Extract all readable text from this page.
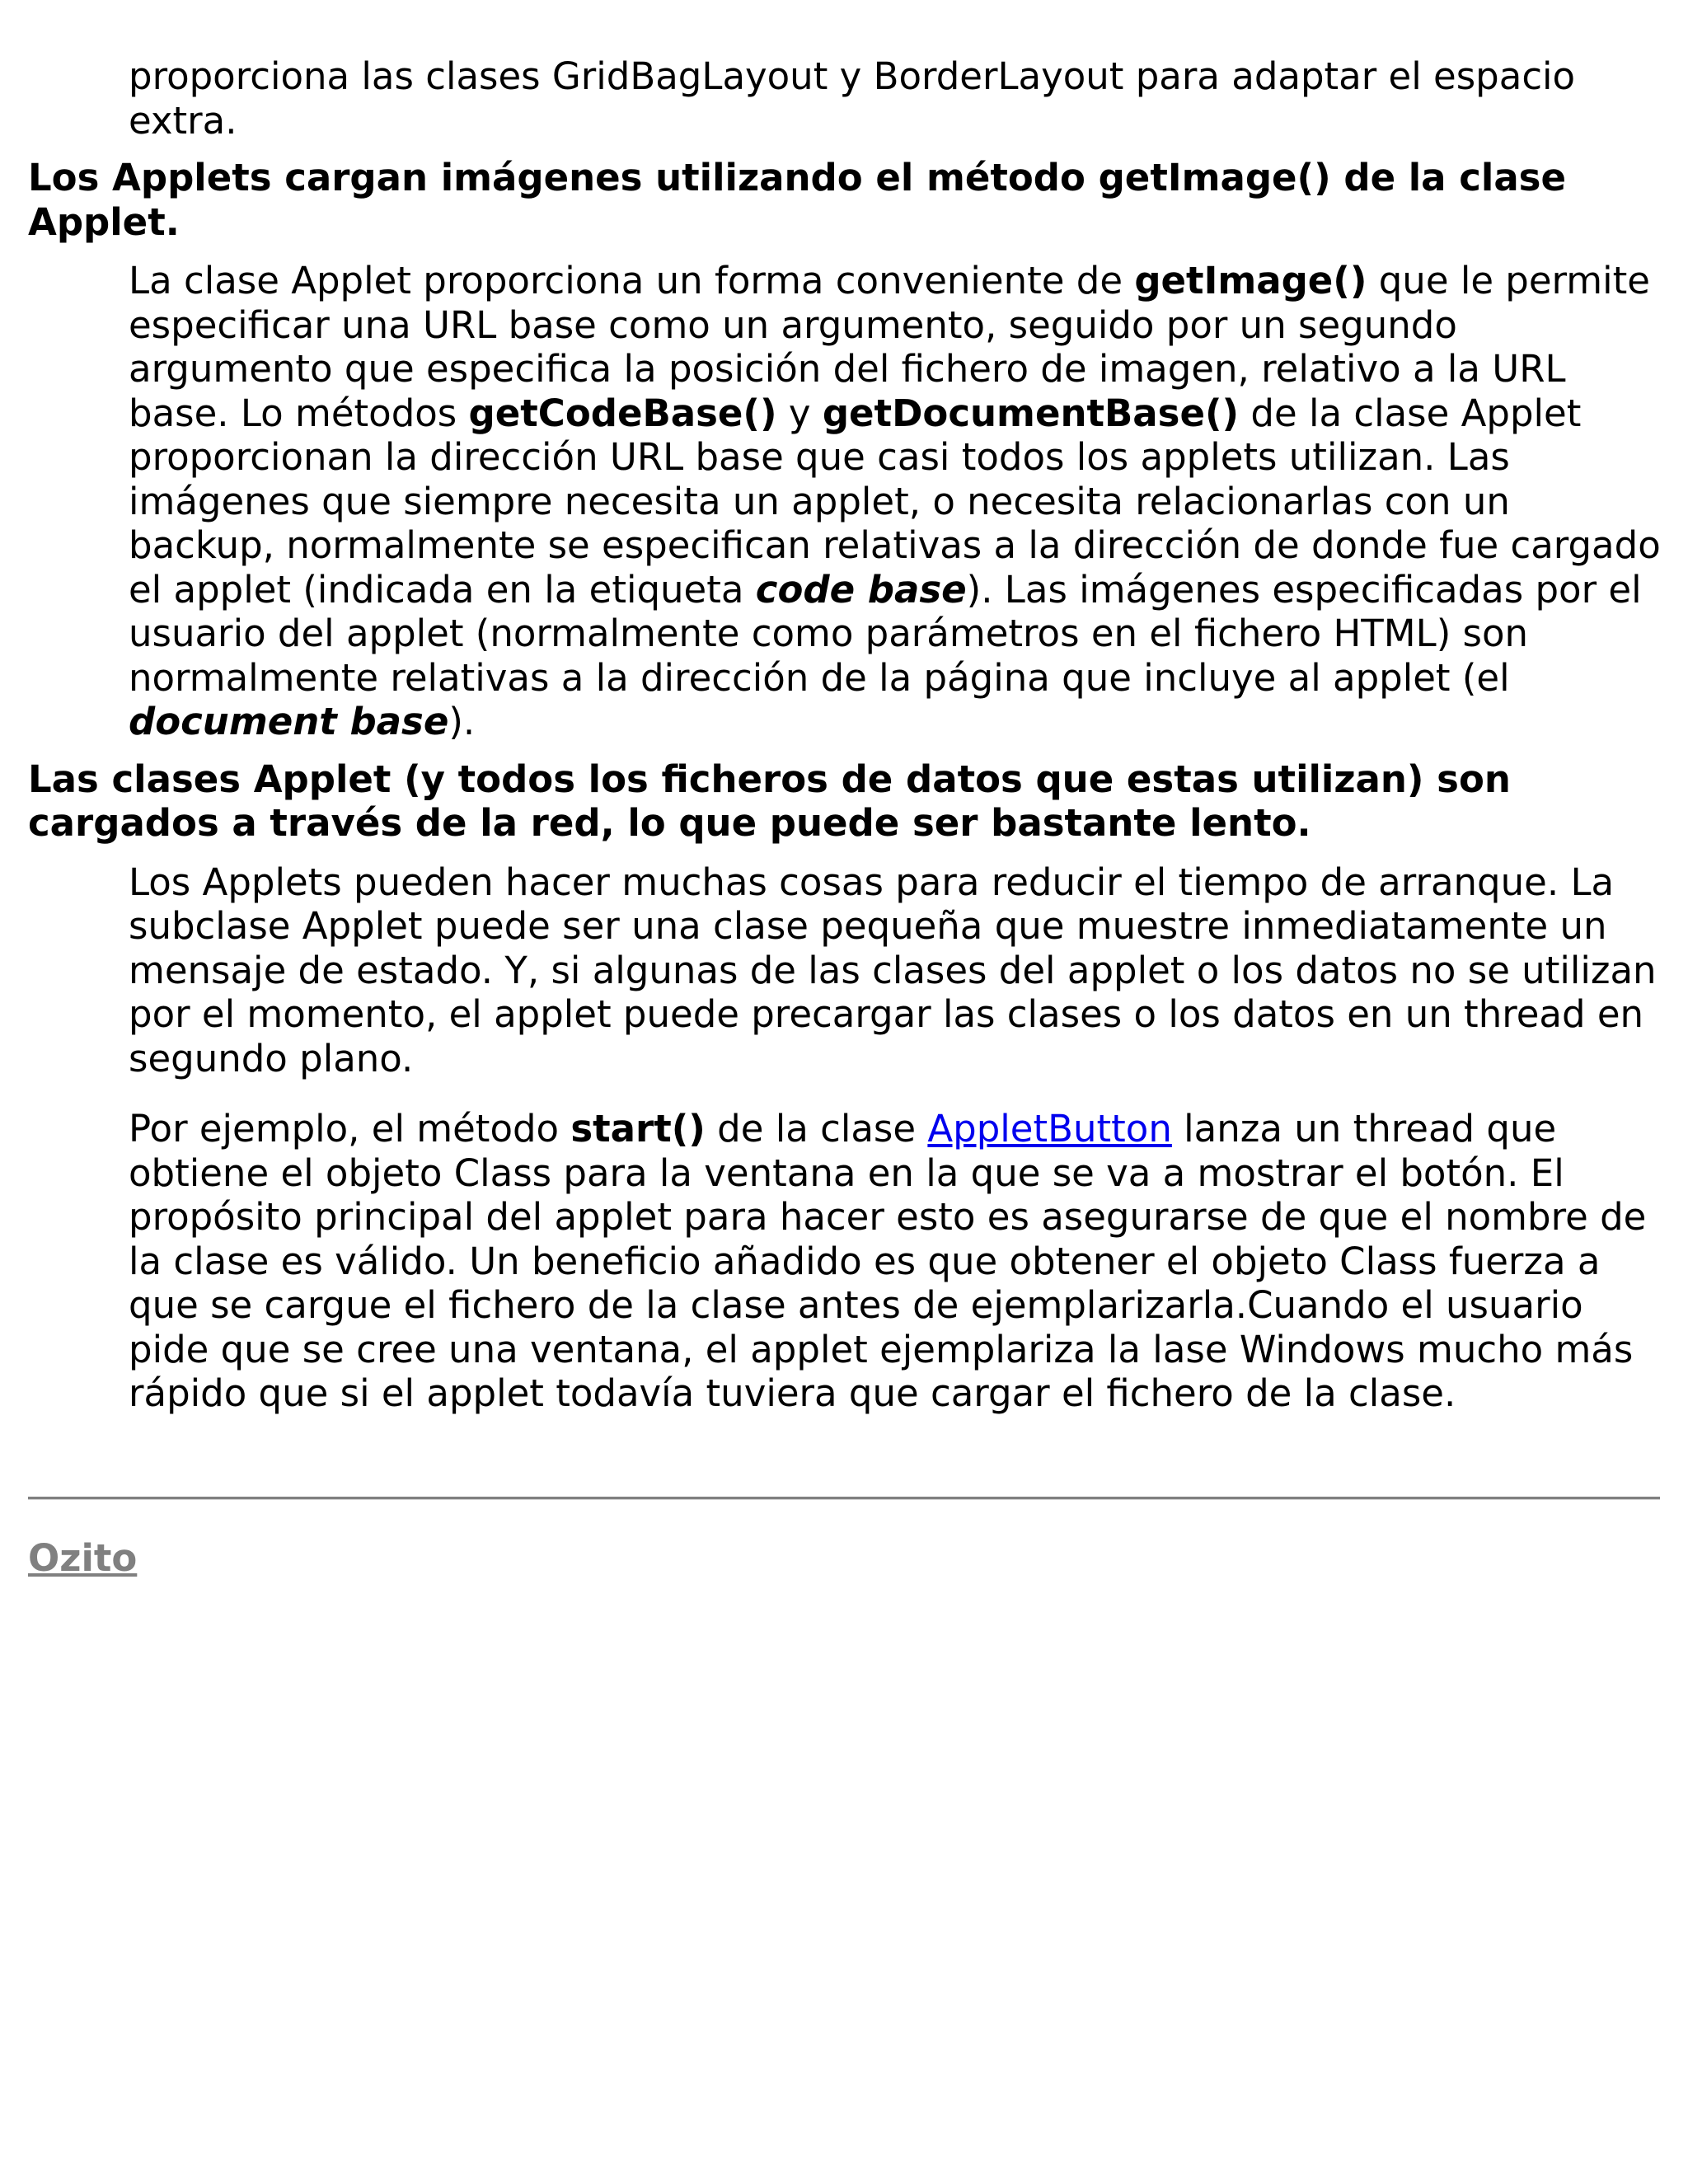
proporciona las clases GridBagLayout y BorderLayout para adaptar el espacio extra.

Los Applets cargan imágenes utilizando el método getImage() de la clase Applet.

La clase Applet proporciona un forma conveniente de getImage() que le permite especificar una URL base como un argumento, seguido por un segundo argumento que especifica la posición del fichero de imagen, relativo a la URL base. Lo métodos getCodeBase() y getDocumentBase() de la clase Applet proporcionan la dirección URL base que casi todos los applets utilizan. Las imágenes que siempre necesita un applet, o necesita relacionarlas con un backup, normalmente se especifican relativas a la dirección de donde fue cargado el applet (indicada en la etiqueta code base). Las imágenes especificadas por el usuario del applet (normalmente como parámetros en el fichero HTML) son normalmente relativas a la dirección de la página que incluye al applet (el document base).

Las clases Applet (y todos los ficheros de datos que estas utilizan) son cargados a través de la red, lo que puede ser bastante lento.

Los Applets pueden hacer muchas cosas para reducir el tiempo de arranque. La subclase Applet puede ser una clase pequeña que muestre inmediatamente un mensaje de estado. Y, si algunas de las clases del applet o los datos no se utilizan por el momento, el applet puede precargar las clases o los datos en un thread en segundo plano.

Por ejemplo, el método start() de la clase AppletButton lanza un thread que obtiene el objeto Class para la ventana en la que se va a mostrar el botón. El propósito principal del applet para hacer esto es asegurarse de que el nombre de la clase es válido. Un beneficio añadido es que obtener el objeto Class fuerza a que se cargue el fichero de la clase antes de ejemplarizarla.Cuando el usuario pide que se cree una ventana, el applet ejemplariza la lase Windows mucho más rápido que si el applet todavía tuviera que cargar el fichero de la clase.

Ozito
